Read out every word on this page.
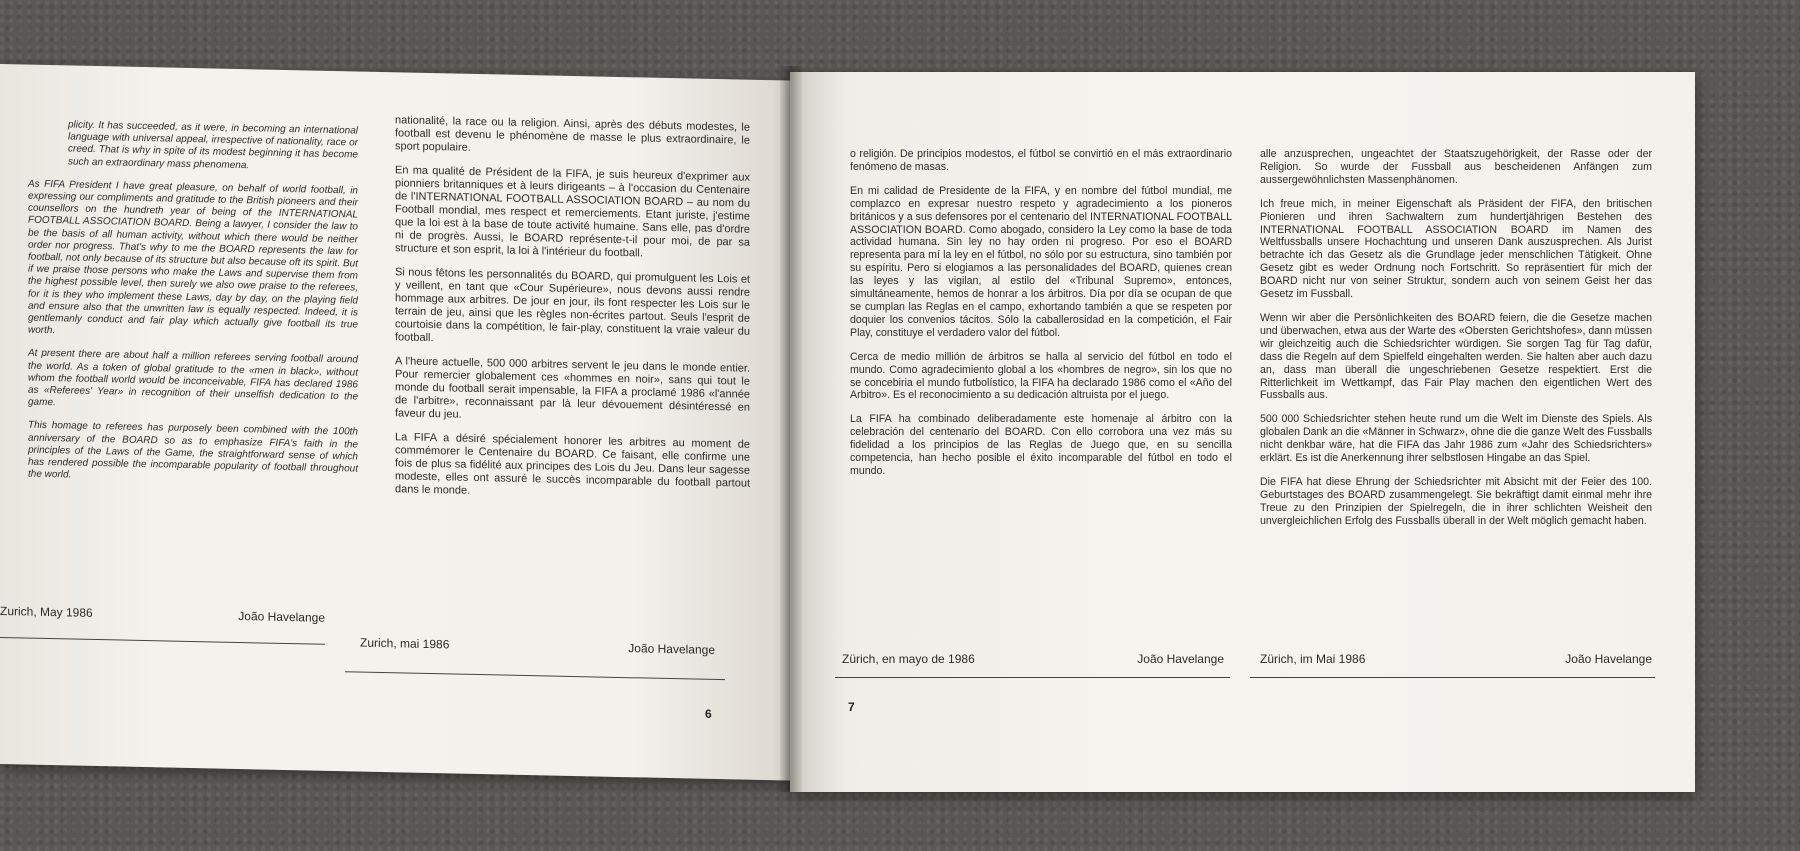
plicity. It has succeeded, as it were, in becoming an international language with universal appeal, irrespective of nationality, race or creed. That is why in spite of its modest beginning it has become such an extraordinary mass phenomena.

As FIFA President I have great pleasure, on behalf of world football, in expressing our compliments and gratitude to the British pioneers and their counsellors on the hundreth year of being of the INTERNATIONAL FOOTBALL ASSOCIATION BOARD. Being a lawyer, I consider the law to be the basis of all human activity, without which there would be neither order nor progress. That's why to me the BOARD represents the law for football, not only because of its structure but also because oft its spirit. But if we praise those persons who make the Laws and supervise them from the highest possible level, then surely we also owe praise to the referees, for it is they who implement these Laws, day by day, on the playing field and ensure also that the unwritten law is equally respected. Indeed, it is gentlemanly conduct and fair play which actually give football its true worth.

At present there are about half a million referees serving football around the world. As a token of global gratitude to the «men in black», without whom the football world would be inconceivable, FIFA has declared 1986 as «Referees' Year» in recognition of their unselfish dedication to the game.

This homage to referees has purposely been combined with the 100th anniversary of the BOARD so as to emphasize FIFA's faith in the principles of the Laws of the Game, the straightforward sense of which has rendered possible the incomparable popularity of football throughout the world.

Zurich, May 1986	João Havelange

nationalité, la race ou la religion. Ainsi, après des débuts modestes, le football est devenu le phénomène de masse le plus extraordinaire, le sport populaire.

En ma qualité de Président de la FIFA, je suis heureux d'exprimer aux pionniers britanniques et à leurs dirigeants – à l'occasion du Centenaire de l'INTERNATIONAL FOOTBALL ASSOCIATION BOARD – au nom du Football mondial, mes respect et remerciements. Etant juriste, j'estime que la loi est à la base de toute activité humaine. Sans elle, pas d'ordre ni de progrès. Aussi, le BOARD représente-t-il pour moi, de par sa structure et son esprit, la loi à l'intérieur du football.

Si nous fêtons les personnalités du BOARD, qui promulguent les Lois et y veillent, en tant que «Cour Supérieure», nous devons aussi rendre hommage aux arbitres. De jour en jour, ils font respecter les Lois sur le terrain de jeu, ainsi que les règles non-écrites partout. Seuls l'esprit de courtoisie dans la compétition, le fair-play, constituent la vraie valeur du football.

A l'heure actuelle, 500 000 arbitres servent le jeu dans le monde entier. Pour remercier globalement ces «hommes en noir», sans qui tout le monde du football serait impensable, la FIFA a proclamé 1986 «l'année de l'arbitre», reconnaissant par là leur dévouement désintéressé en faveur du jeu.

La FIFA a désiré spécialement honorer les arbitres au moment de commémorer le Centenaire du BOARD. Ce faisant, elle confirme une fois de plus sa fidélité aux principes des Lois du Jeu. Dans leur sagesse modeste, elles ont assuré le succès incomparable du football partout dans le monde.

Zurich, mai 1986	João Havelange
6

o religión. De principios modestos, el fútbol se convirtió en el más extraordinario fenómeno de masas.

En mi calidad de Presidente de la FIFA, y en nombre del fútbol mundial, me complazco en expresar nuestro respeto y agradecimiento a los pioneros británicos y a sus defensores por el centenario del INTERNATIONAL FOOTBALL ASSOCIATION BOARD. Como abogado, considero la Ley como la base de toda actividad humana. Sin ley no hay orden ni progreso. Por eso el BOARD representa para mí la ley en el fútbol, no sólo por su estructura, sino también por su espíritu. Pero si elogiamos a las personalidades del BOARD, quienes crean las leyes y las vigilan, al estilo del «Tribunal Supremo», entonces, simultáneamente, hemos de honrar a los árbitros. Día por día se ocupan de que se cumplan las Reglas en el campo, exhortando también a que se respeten por doquier los convenios tácitos. Sólo la caballerosidad en la competición, el Fair Play, constituye el verdadero valor del fútbol.

Cerca de medio millión de árbitros se halla al servicio del fútbol en todo el mundo. Como agradecimiento global a los «hombres de negro», sin los que no se concebiria el mundo futbolístico, la FIFA ha declarado 1986 como el «Año del Arbitro». Es el reconocimiento a su dedicación altruista por el juego.

La FIFA ha combinado deliberadamente este homenaje al árbitro con la celebración del centenario del BOARD. Con ello corrobora una vez más su fidelidad a los principios de las Reglas de Juego que, en su sencilla competencia, han hecho posible el éxito incomparable del fútbol en todo el mundo.

Zürich, en mayo de 1986	João Havelange

alle anzusprechen, ungeachtet der Staatszugehörigkeit, der Rasse oder der Religion. So wurde der Fussball aus bescheidenen Anfängen zum aussergewöhnlichsten Massenphänomen.

Ich freue mich, in meiner Eigenschaft als Präsident der FIFA, den britischen Pionieren und ihren Sachwaltern zum hundertjährigen Bestehen des INTERNATIONAL FOOTBALL ASSOCIATION BOARD im Namen des Weltfussballs unsere Hochachtung und unseren Dank auszusprechen. Als Jurist betrachte ich das Gesetz als die Grundlage jeder menschlichen Tätigkeit. Ohne Gesetz gibt es weder Ordnung noch Fortschritt. So repräsentiert für mich der BOARD nicht nur von seiner Struktur, sondern auch von seinem Geist her das Gesetz im Fussball.

Wenn wir aber die Persönlichkeiten des BOARD feiern, die die Gesetze machen und überwachen, etwa aus der Warte des «Obersten Gerichtshofes», dann müssen wir gleichzeitig auch die Schiedsrichter würdigen. Sie sorgen Tag für Tag dafür, dass die Regeln auf dem Spielfeld eingehalten werden. Sie halten aber auch dazu an, dass man überall die ungeschriebenen Gesetze respektiert. Erst die Ritterlichkeit im Wettkampf, das Fair Play machen den eigentlichen Wert des Fussballs aus.

500 000 Schiedsrichter stehen heute rund um die Welt im Dienste des Spiels. Als globalen Dank an die «Männer in Schwarz», ohne die die ganze Welt des Fussballs nicht denkbar wäre, hat die FIFA das Jahr 1986 zum «Jahr des Schiedsrichters» erklärt. Es ist die Anerkennung ihrer selbstlosen Hingabe an das Spiel.

Die FIFA hat diese Ehrung der Schiedsrichter mit Absicht mit der Feier des 100. Geburtstages des BOARD zusammengelegt. Sie bekräftigt damit einmal mehr ihre Treue zu den Prinzipien der Spielregeln, die in ihrer schlichten Weisheit den unvergleichlichen Erfolg des Fussballs überall in der Welt möglich gemacht haben.

Zürich, im Mai 1986	João Havelange
7
